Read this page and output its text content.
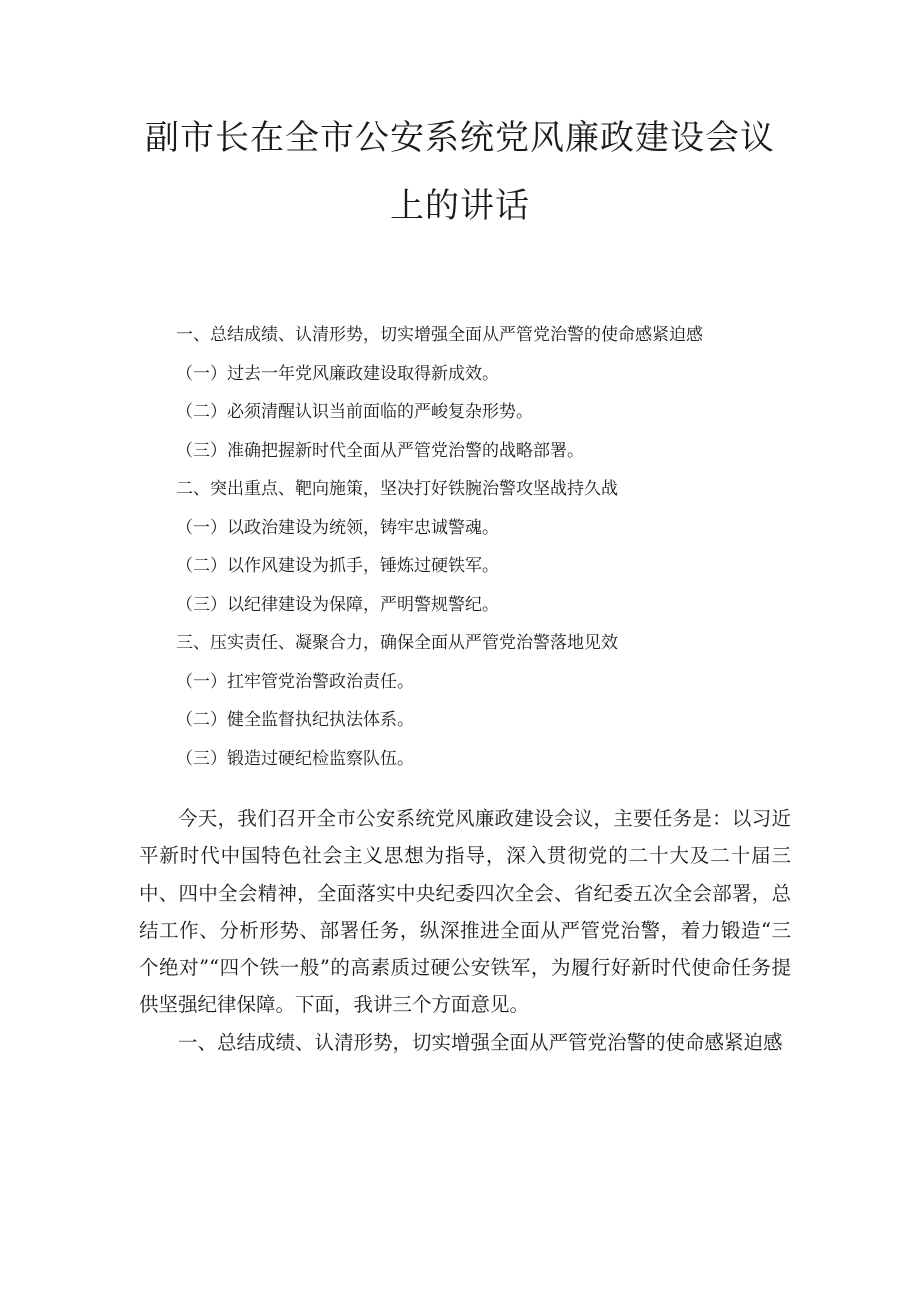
副市长在全市公安系统党风廉政建设会议
上的讲话
一、总结成绩、认清形势，切实增强全面从严管党治警的使命感紧迫感
（一）过去一年党风廉政建设取得新成效。
（二）必须清醒认识当前面临的严峻复杂形势。
（三）准确把握新时代全面从严管党治警的战略部署。
二、突出重点、靶向施策，坚决打好铁腕治警攻坚战持久战
（一）以政治建设为统领，铸牢忠诚警魂。
（二）以作风建设为抓手，锤炼过硬铁军。
（三）以纪律建设为保障，严明警规警纪。
三、压实责任、凝聚合力，确保全面从严管党治警落地见效
（一）扛牢管党治警政治责任。
（二）健全监督执纪执法体系。
（三）锻造过硬纪检监察队伍。

今天，我们召开全市公安系统党风廉政建设会议，主要任务是：以习近平新时代中国特色社会主义思想为指导，深入贯彻党的二十大及二十届三中、四中全会精神，全面落实中央纪委四次全会、省纪委五次全会部署，总结工作、分析形势、部署任务，纵深推进全面从严管党治警，着力锻造“三个绝对”“四个铁一般”的高素质过硬公安铁军，为履行好新时代使命任务提供坚强纪律保障。下面，我讲三个方面意见。

一、总结成绩、认清形势，切实增强全面从严管党治警的使命感紧迫感
